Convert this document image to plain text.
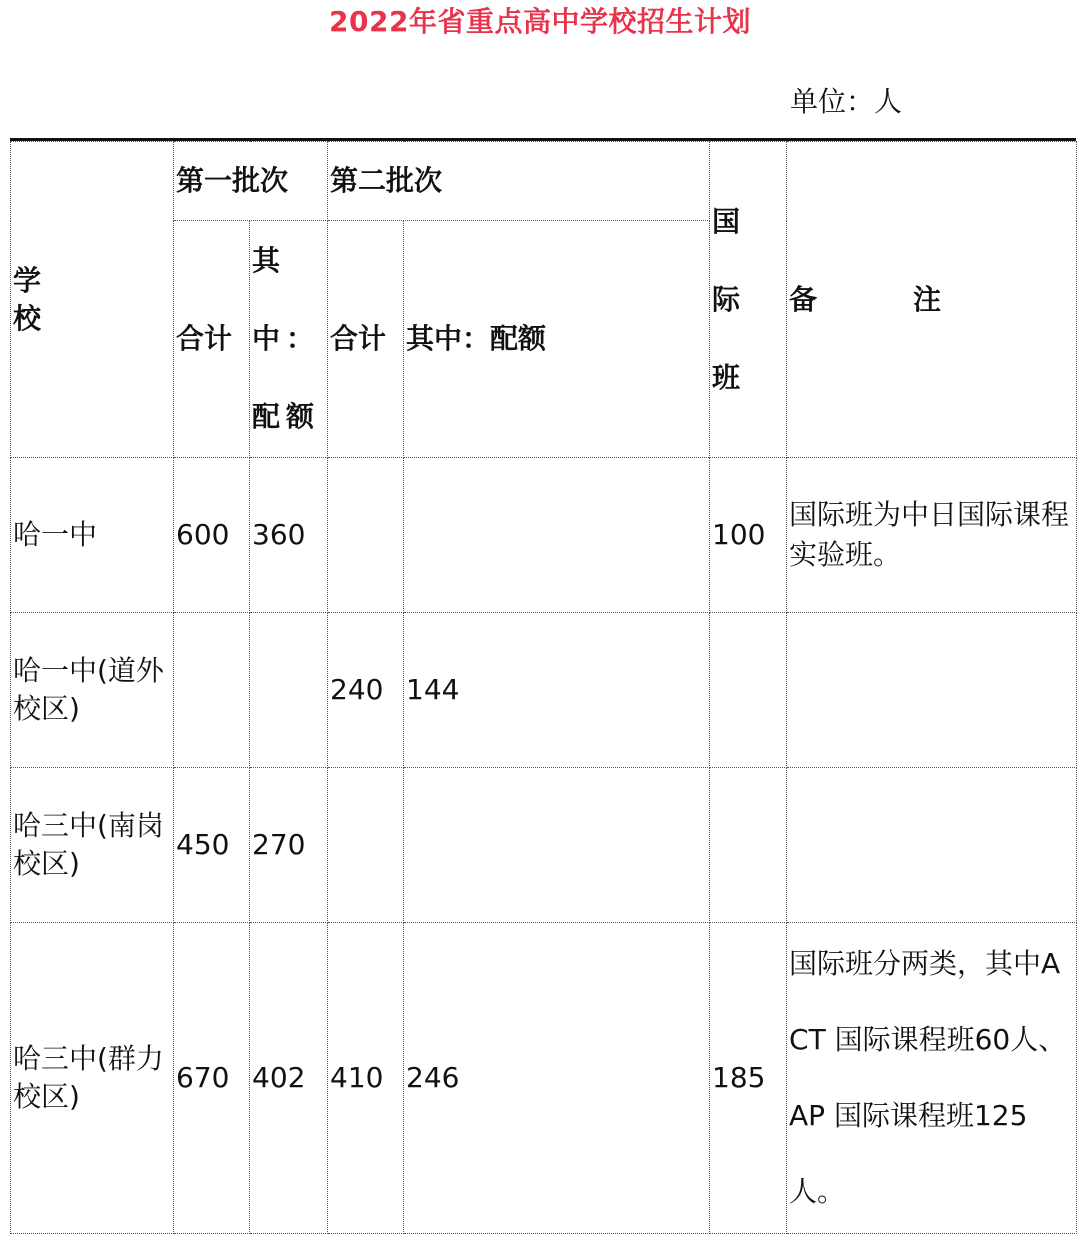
2022年省重点高中学校招生计划
单位：人
学　校	第一批次		第二批次		国际班	备　注
	合计	其中：配额	合计	其中：配额		
哈一中	600	360			100	国际班为中日国际课程实验班。
哈一中(道外校区)			240	144		
哈三中(南岗校区)	450	270				
哈三中(群力校区)	670	402	410	246	185	国际班分两类，其中ACT 国际课程班60人、AP 国际课程班125人。
